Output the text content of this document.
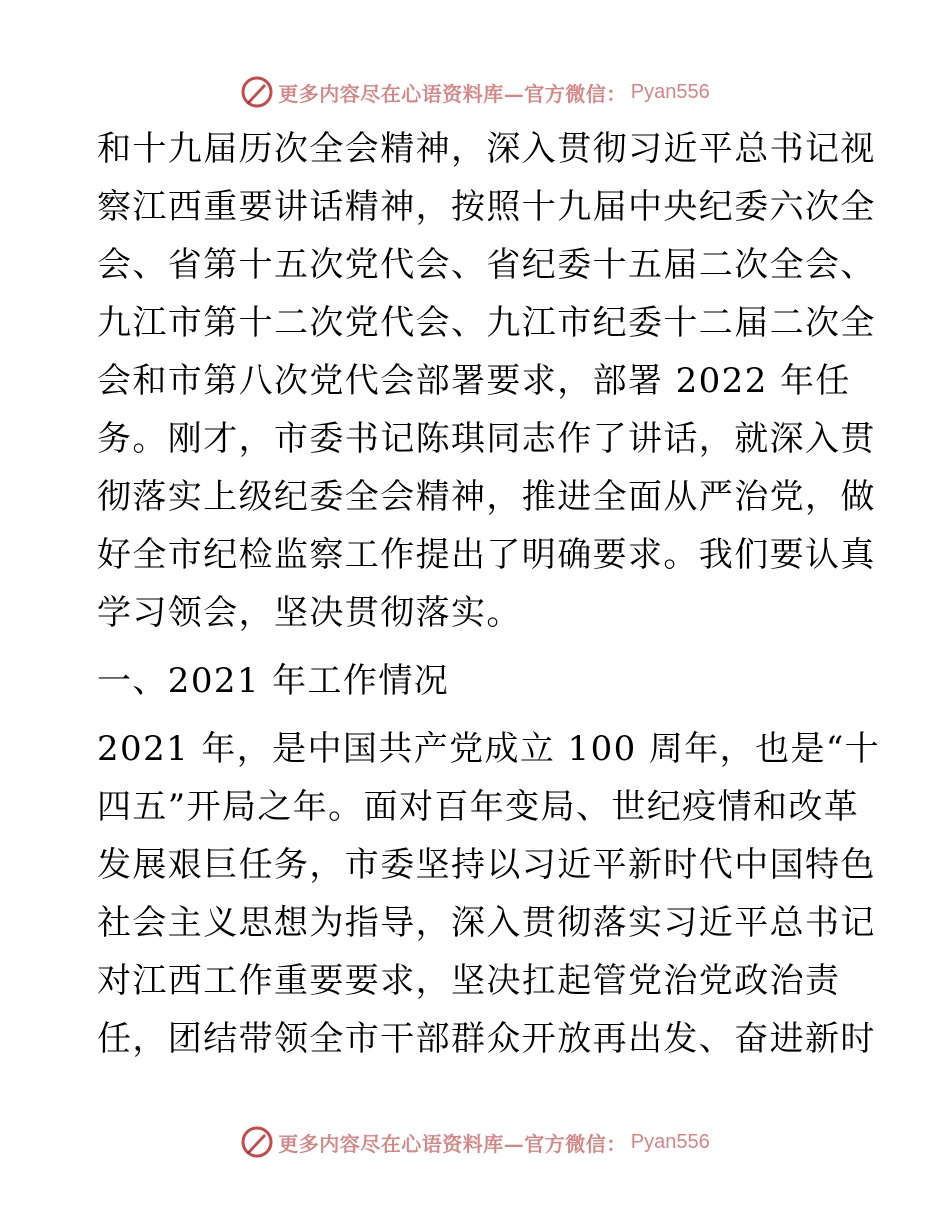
更多内容尽在心语资料库—官方微信： Pyan556
和十九届历次全会精神，深入贯彻习近平总书记视
察江西重要讲话精神，按照十九届中央纪委六次全
会、省第十五次党代会、省纪委十五届二次全会、
九江市第十二次党代会、九江市纪委十二届二次全
会和市第八次党代会部署要求，部署 2022 年任
务。刚才，市委书记陈琪同志作了讲话，就深入贯
彻落实上级纪委全会精神，推进全面从严治党，做
好全市纪检监察工作提出了明确要求。我们要认真
学习领会，坚决贯彻落实。
一、2021 年工作情况
2021 年，是中国共产党成立 100 周年，也是“十
四五”开局之年。面对百年变局、世纪疫情和改革
发展艰巨任务，市委坚持以习近平新时代中国特色
社会主义思想为指导，深入贯彻落实习近平总书记
对江西工作重要要求，坚决扛起管党治党政治责
任，团结带领全市干部群众开放再出发、奋进新时
更多内容尽在心语资料库—官方微信： Pyan556
